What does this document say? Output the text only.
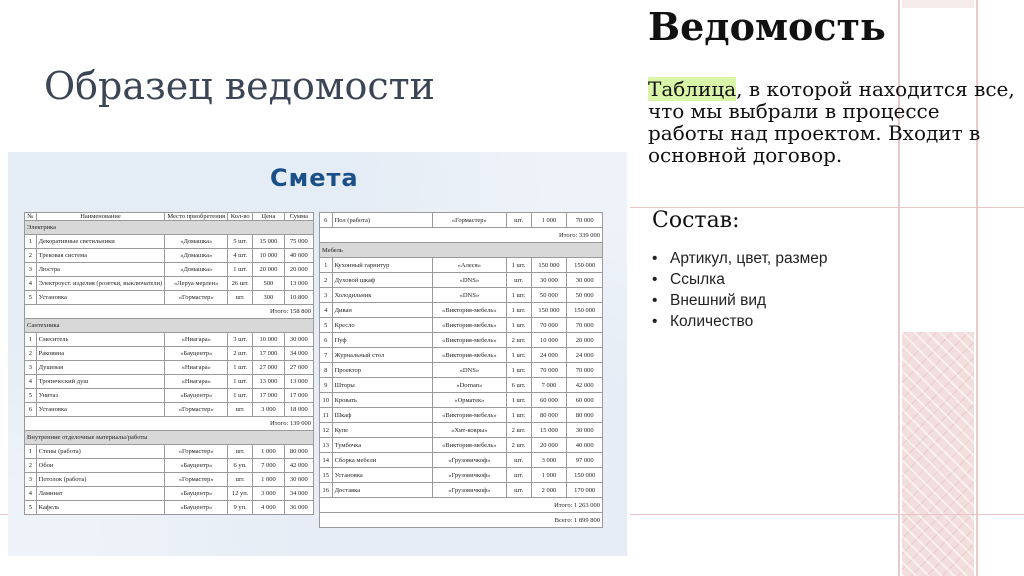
Образец ведомости
Ведомость

Таблица, в которой находится все, что мы выбрали в процессе работы над проектом. Входит в основной договор.

Состав:

• Артикул, цвет, размер
• Ссылка
• Внешний вид
• Количество
Смета
№	Наименование	Место приобретения	Кол-во	Цена	Сумма
Электрика					
1	Декоративные светильники	«Домашка»	5 шт.	15 000	75 000
2	Трековая система	«Домашка»	4 шт.	10 000	40 000
3	Люстра	«Домашка»	1 шт.	20 000	20 000
4	Электроуст. изделия (розетки, выключатели)	«Леруа мерлен»	26 шт.	500	13 000
5	Установка	«Гормастер»	шт.	300	10 800
Итого: 158 800					
Сантехника					
1	Смеситель	«Ниагара»	3 шт.	10 000	30 000
2	Раковина	«Бауцентр»	2 шт.	17 000	34 000
3	Душевая	«Ниагара»	1 шт.	27 000	27 000
4	Тропический душ	«Ниагара»	1 шт.	13 000	13 000
5	Унитаз	«Бауцентр»	1 шт.	17 000	17 000
6	Установка	«Гормастер»	шт.	3 000	18 000
Итого: 139 000					
Внутренние отделочные материалы/работы					
1	Стены (работа)	«Гормастер»	шт.	1 000	80 000
2	Обои	«Бауцентр»	6 уп.	7 000	42 000
3	Потолок (работа)	«Гормастер»	шт.	1 000	30 000
4	Ламинат	«Бауцентр»	12 уп.	3 000	34 000
5	Кафель	«Бауцентр»	9 уп.	4 000	36 000
6	Пол (работа)	«Гормастер»	шт.	1 000	70 000
Итого: 339 000					
Мебель					
1	Кухонный гарнитур	«Алеся»	1 шт.	150 000	150 000
2	Духовой шкаф	«DNS»	шт.	30 000	30 000
3	Холодильник	«DNS»	1 шт.	50 000	50 000
4	Диван	«Виктория-мебель»	1 шт.	150 000	150 000
5	Кресло	«Виктория-мебель»	1 шт.	70 000	70 000
6	Пуф	«Виктория-мебель»	2 шт.	10 000	20 000
7	Журнальный стол	«Виктория-мебель»	1 шт.	24 000	24 000
8	Проектор	«DNS»	1 шт.	70 000	70 000
9	Шторы	«Dornan»	6 шт.	7 000	42 000
10	Кровать	«Орматек»	1 шт.	60 000	60 000
11	Шкаф	«Виктория-мебель»	1 шт.	80 000	80 000
12	Купе	«Хит-ковры»	2 шт.	15 000	30 000
13	Тумбочка	«Виктория-мебель»	2 шт.	20 000	40 000
14	Сборка мебели	«Грузовичкоф»	шт.	3 000	97 000
15	Установка	«Грузовичкоф»	шт.	1 000	150 000
16	Доставка	«Грузовичкоф»	шт.	2 000	170 000
Итого: 1 263 000					
Всего: 1 899 800					
